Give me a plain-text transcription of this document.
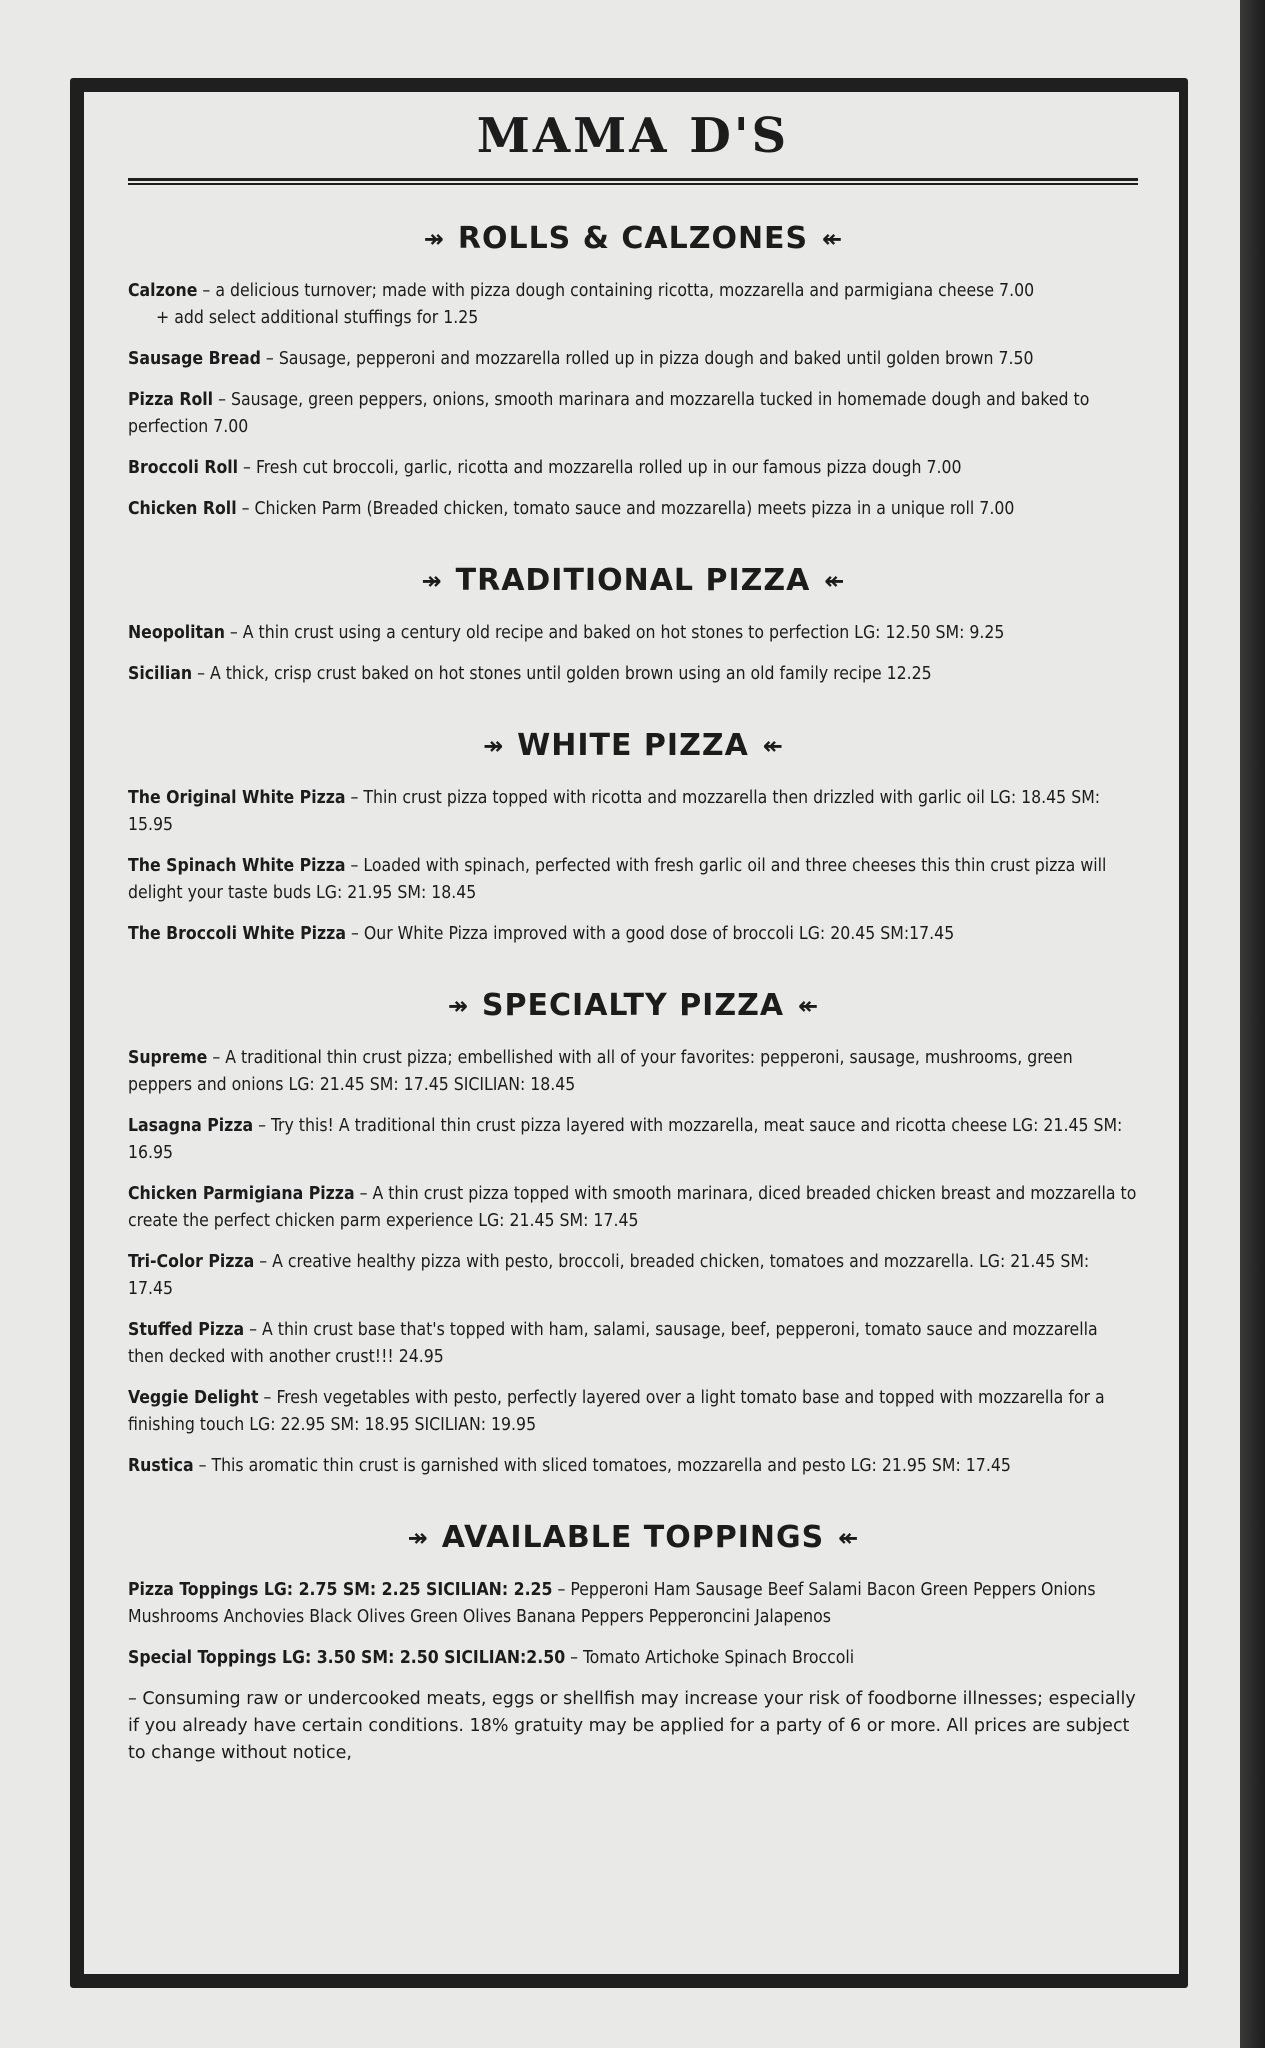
MAMA D'S
↠ ROLLS & CALZONES ↞
Calzone – a delicious turnover; made with pizza dough containing ricotta, mozzarella and parmigiana cheese 7.00
+ add select additional stuffings for 1.25
Sausage Bread – Sausage, pepperoni and mozzarella rolled up in pizza dough and baked until golden brown 7.50
Pizza Roll – Sausage, green peppers, onions, smooth marinara and mozzarella tucked in homemade dough and baked to perfection 7.00
Broccoli Roll – Fresh cut broccoli, garlic, ricotta and mozzarella rolled up in our famous pizza dough 7.00
Chicken Roll – Chicken Parm (Breaded chicken, tomato sauce and mozzarella) meets pizza in a unique roll 7.00
↠ TRADITIONAL PIZZA ↞
Neopolitan – A thin crust using a century old recipe and baked on hot stones to perfection LG: 12.50 SM: 9.25
Sicilian – A thick, crisp crust baked on hot stones until golden brown using an old family recipe 12.25
↠ WHITE PIZZA ↞
The Original White Pizza – Thin crust pizza topped with ricotta and mozzarella then drizzled with garlic oil LG: 18.45 SM: 15.95
The Spinach White Pizza – Loaded with spinach, perfected with fresh garlic oil and three cheeses this thin crust pizza will delight your taste buds LG: 21.95 SM: 18.45
The Broccoli White Pizza – Our White Pizza improved with a good dose of broccoli LG: 20.45 SM:17.45
↠ SPECIALTY PIZZA ↞
Supreme – A traditional thin crust pizza; embellished with all of your favorites: pepperoni, sausage, mushrooms, green peppers and onions LG: 21.45 SM: 17.45 SICILIAN: 18.45
Lasagna Pizza – Try this! A traditional thin crust pizza layered with mozzarella, meat sauce and ricotta cheese LG: 21.45 SM: 16.95
Chicken Parmigiana Pizza – A thin crust pizza topped with smooth marinara, diced breaded chicken breast and mozzarella to create the perfect chicken parm experience LG: 21.45 SM: 17.45
Tri-Color Pizza – A creative healthy pizza with pesto, broccoli, breaded chicken, tomatoes and mozzarella. LG: 21.45 SM: 17.45
Stuffed Pizza – A thin crust base that's topped with ham, salami, sausage, beef, pepperoni, tomato sauce and mozzarella then decked with another crust!!! 24.95
Veggie Delight – Fresh vegetables with pesto, perfectly layered over a light tomato base and topped with mozzarella for a finishing touch LG: 22.95 SM: 18.95 SICILIAN: 19.95
Rustica – This aromatic thin crust is garnished with sliced tomatoes, mozzarella and pesto LG: 21.95 SM: 17.45
↠ AVAILABLE TOPPINGS ↞
Pizza Toppings LG: 2.75 SM: 2.25 SICILIAN: 2.25 – Pepperoni Ham Sausage Beef Salami Bacon Green Peppers Onions Mushrooms Anchovies Black Olives Green Olives Banana Peppers Pepperoncini Jalapenos
Special Toppings LG: 3.50 SM: 2.50 SICILIAN:2.50 – Tomato Artichoke Spinach Broccoli
– Consuming raw or undercooked meats, eggs or shellfish may increase your risk of foodborne illnesses; especially if you already have certain conditions. 18% gratuity may be applied for a party of 6 or more. All prices are subject to change without notice,
